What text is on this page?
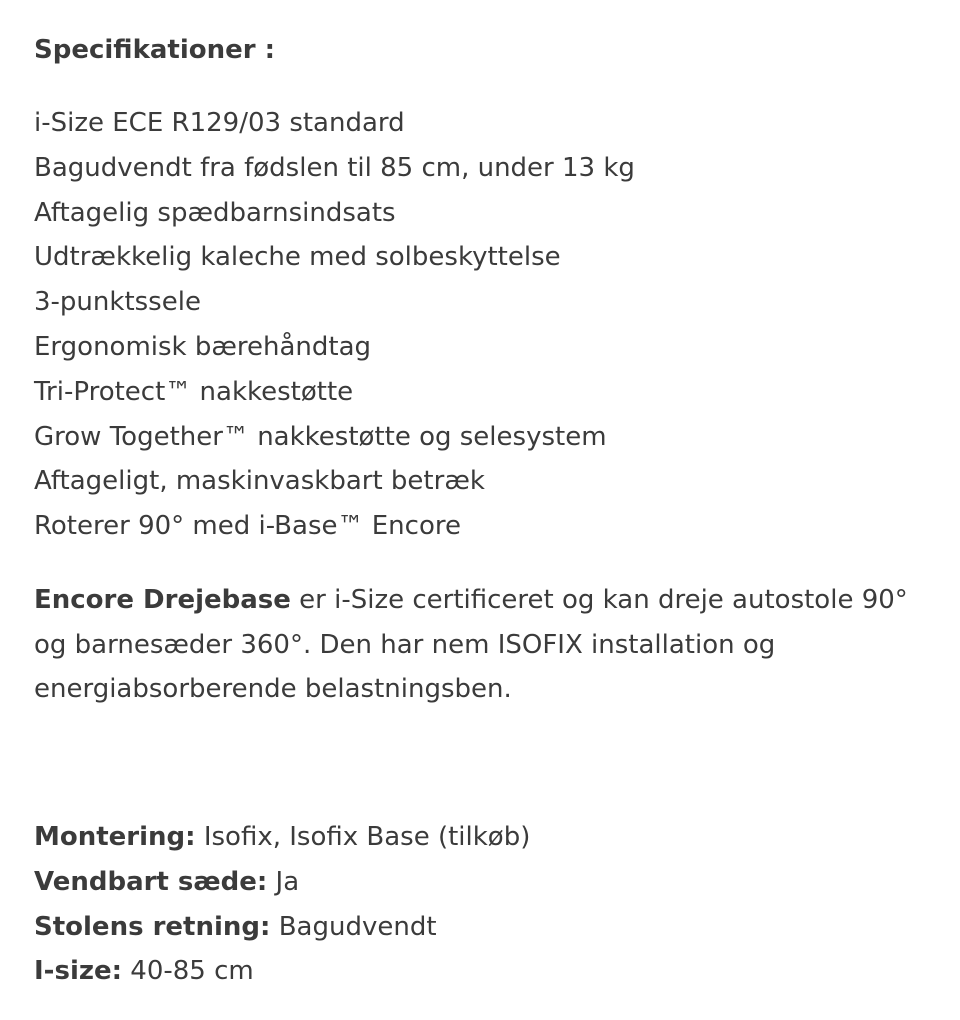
Specifikationer :
i-Size ECE R129/03 standard
Bagudvendt fra fødslen til 85 cm, under 13 kg
Aftagelig spædbarnsindsats
Udtrækkelig kaleche med solbeskyttelse
3-punktssele
Ergonomisk bærehåndtag
Tri-Protect™ nakkestøtte
Grow Together™ nakkestøtte og selesystem
Aftageligt, maskinvaskbart betræk
Roterer 90° med i-Base™ Encore
Encore Drejebase er i-Size certificeret og kan dreje autostole 90°
og barnesæder 360°. Den har nem ISOFIX installation og
energiabsorberende belastningsben.
Montering: Isofix, Isofix Base (tilkøb)
Vendbart sæde: Ja
Stolens retning: Bagudvendt
I-size: 40-85 cm
